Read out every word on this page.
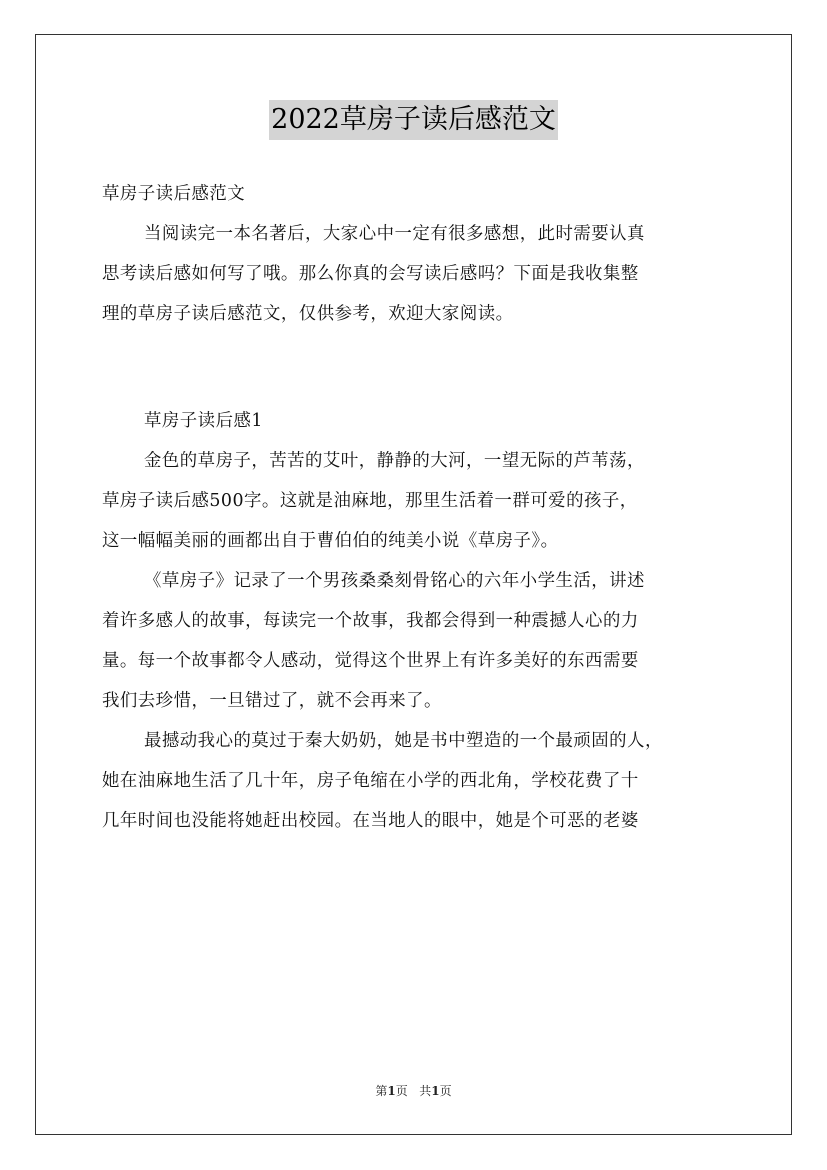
2022草房子读后感范文
草房子读后感范文
当阅读完一本名著后，大家心中一定有很多感想，此时需要认真
思考读后感如何写了哦。那么你真的会写读后感吗？下面是我收集整
理的草房子读后感范文，仅供参考，欢迎大家阅读。
草房子读后感1
金色的草房子，苦苦的艾叶，静静的大河，一望无际的芦苇荡，
草房子读后感500字。这就是油麻地，那里生活着一群可爱的孩子，
这一幅幅美丽的画都出自于曹伯伯的纯美小说《草房子》。
《草房子》记录了一个男孩桑桑刻骨铭心的六年小学生活，讲述
着许多感人的故事，每读完一个故事，我都会得到一种震撼人心的力
量。每一个故事都令人感动，觉得这个世界上有许多美好的东西需要
我们去珍惜，一旦错过了，就不会再来了。
最撼动我心的莫过于秦大奶奶，她是书中塑造的一个最顽固的人，
她在油麻地生活了几十年，房子龟缩在小学的西北角，学校花费了十
几年时间也没能将她赶出校园。在当地人的眼中，她是个可恶的老婆
第1页 共1页
